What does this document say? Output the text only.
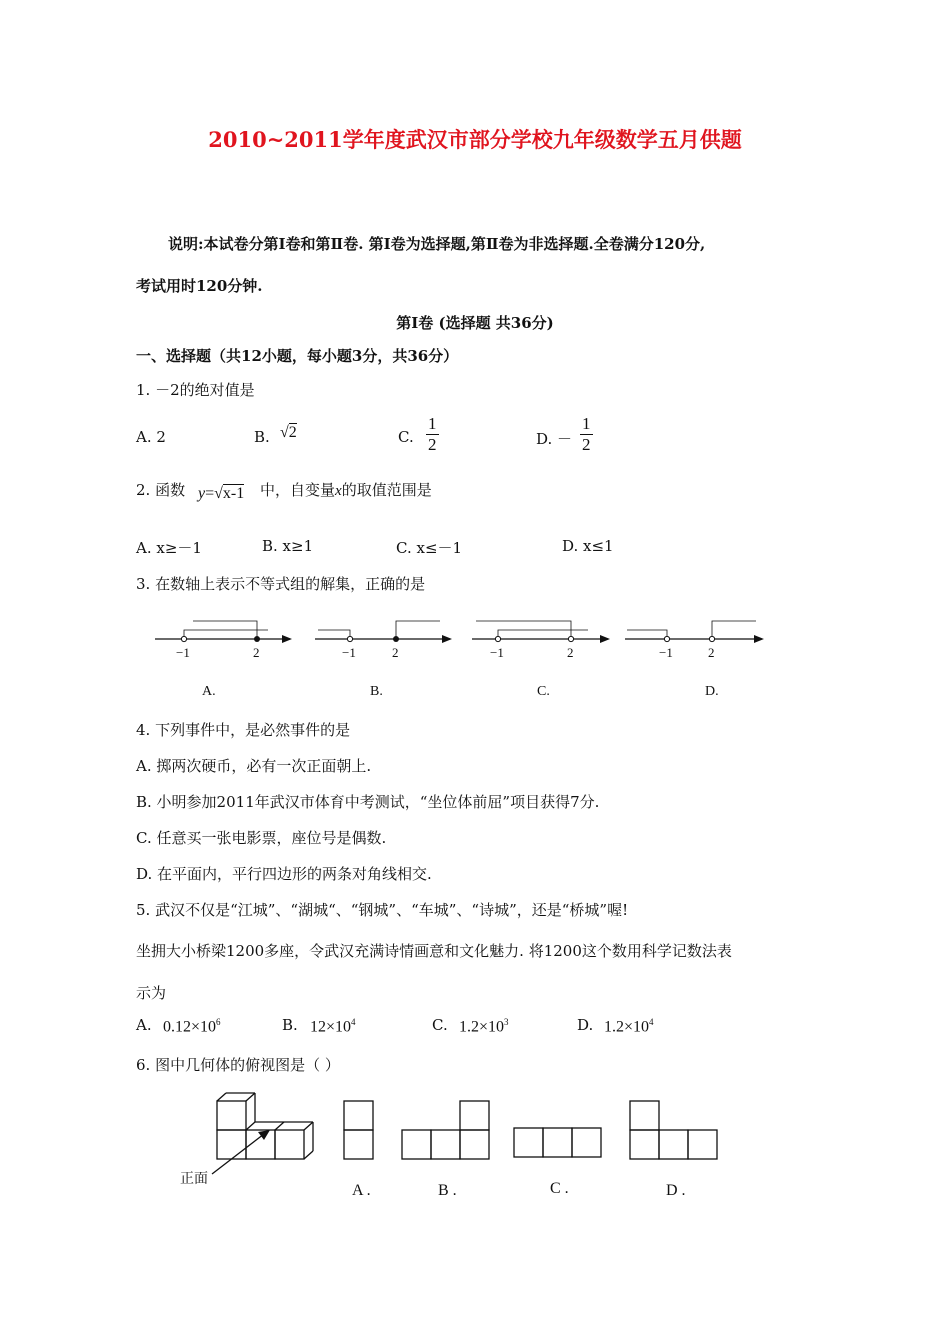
2010~2011学年度武汉市部分学校九年级数学五月供题
说明:本试卷分第Ⅰ卷和第Ⅱ卷. 第Ⅰ卷为选择题,第Ⅱ卷为非选择题.全卷满分120分,
考试用时120分钟.
第Ⅰ卷 (选择题 共36分)
一、选择题（共12小题，每小题3分，共36分）
1. －2的绝对值是
A. 2	B. √2	C. $\frac{1}{2}$	D. － $\frac{1}{2}$
2. 函数 y=√x-1 中，自变量x的取值范围是
A. x≥－1	B. x≥1	C. x≤－1	D. x≤1
3. 在数轴上表示不等式组的解集，正确的是
−1	2	−1	2	−1	2	−1	2
A.	B.	C.	D.
4. 下列事件中，是必然事件的是
A. 掷两次硬币，必有一次正面朝上.
B. 小明参加2011年武汉市体育中考测试，“坐位体前屈”项目获得7分.
C. 任意买一张电影票，座位号是偶数.
D. 在平面内，平行四边形的两条对角线相交.
5. 武汉不仅是“江城”、“湖城“、“钢城”、“车城”、“诗城”，还是“桥城”喔!
坐拥大小桥梁1200多座，令武汉充满诗情画意和文化魅力. 将1200这个数用科学记数法表
示为
A. $0.12\times 10^6$	B. $12\times 10^4$	C. $1.2\times 10^3$	D. $1.2\times 10^4$
6. 图中几何体的俯视图是（ ）
正面
A .	B .	C .	D .
